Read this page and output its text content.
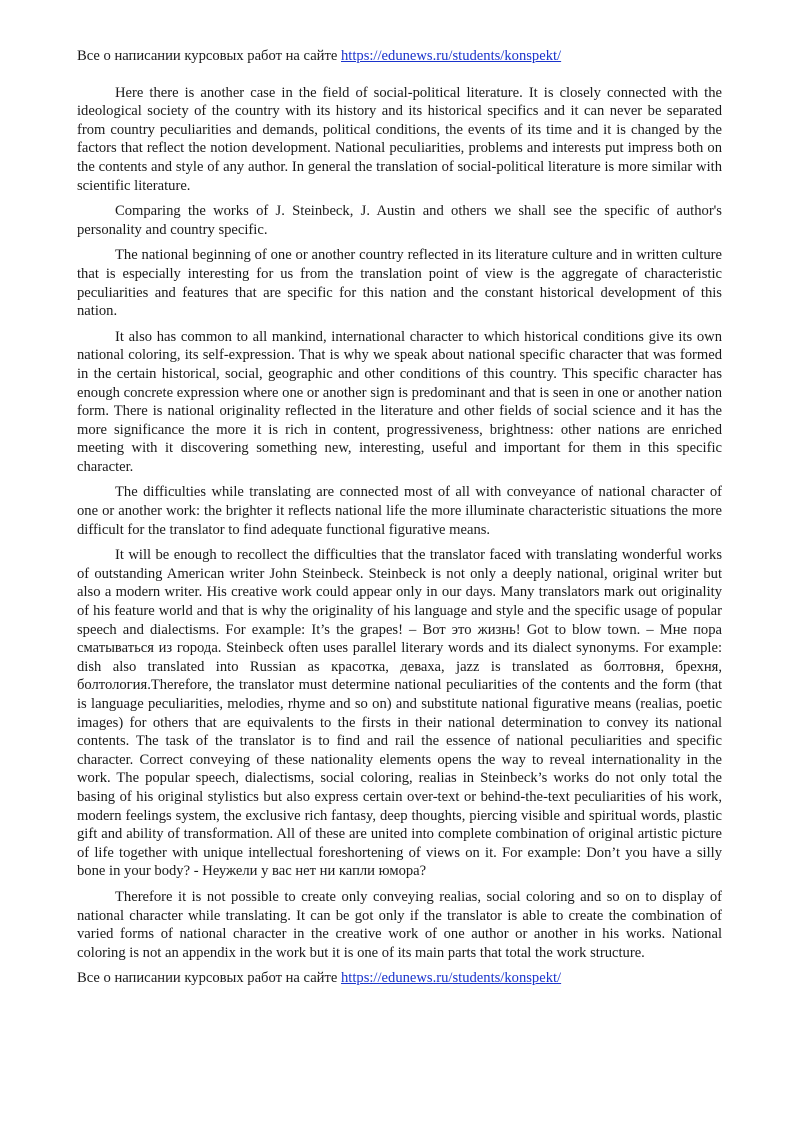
Все о написании курсовых работ на сайте https://edunews.ru/students/konspekt/

Here there is another case in the field of social-political literature. It is closely connected with the ideological society of the country with its history and its historical specifics and it can never be separated from country peculiarities and demands, political conditions, the events of its time and it is changed by the factors that reflect the notion development. National peculiarities, problems and interests put impress both on the contents and style of any author. In general the translation of social-political literature is more similar with scientific literature.

Comparing the works of J. Steinbeck, J. Austin and others we shall see the specific of author's personality and country specific.

The national beginning of one or another country reflected in its literature culture and in written culture that is especially interesting for us from the translation point of view is the aggregate of characteristic peculiarities and features that are specific for this nation and the constant historical development of this nation.

It also has common to all mankind, international character to which historical conditions give its own national coloring, its self-expression. That is why we speak about national specific character that was formed in the certain historical, social, geographic and other conditions of this country. This specific character has enough concrete expression where one or another sign is predominant and that is seen in one or another nation form. There is national originality reflected in the literature and other fields of social science and it has the more significance the more it is rich in content, progressiveness, brightness: other nations are enriched meeting with it discovering something new, interesting, useful and important for them in this specific character.

The difficulties while translating are connected most of all with conveyance of national character of one or another work: the brighter it reflects national life the more illuminate characteristic situations the more difficult for the translator to find adequate functional figurative means.

It will be enough to recollect the difficulties that the translator faced with translating wonderful works of outstanding American writer John Steinbeck. Steinbeck is not only a deeply national, original writer but also a modern writer. His creative work could appear only in our days. Many translators mark out originality of his feature world and that is why the originality of his language and style and the specific usage of popular speech and dialectisms. For example: It’s the grapes! – Вот это жизнь! Got to blow town. – Мне пора сматываться из города. Steinbeck often uses parallel literary words and its dialect synonyms. For example: dish also translated into Russian as красотка, деваха, jazz is translated as болтовня, брехня, болтология.Therefore, the translator must determine national peculiarities of the contents and the form (that is language peculiarities, melodies, rhyme and so on) and substitute national figurative means (realias, poetic images) for others that are equivalents to the firsts in their national determination to convey its national contents. The task of the translator is to find and rail the essence of national peculiarities and specific character. Correct conveying of these nationality elements opens the way to reveal internationality in the work. The popular speech, dialectisms, social coloring, realias in Steinbeck’s works do not only total the basing of his original stylistics but also express certain over-text or behind-the-text peculiarities of his work, modern feelings system, the exclusive rich fantasy, deep thoughts, piercing visible and spiritual words, plastic gift and ability of transformation. All of these are united into complete combination of original artistic picture of life together with unique intellectual foreshortening of views on it. For example: Don’t you have a silly bone in your body? - Неужели у вас нет ни капли юмора?

Therefore it is not possible to create only conveying realias, social coloring and so on to display of national character while translating. It can be got only if the translator is able to create the combination of varied forms of national character in the creative work of one author or another in his works. National coloring is not an appendix in the work but it is one of its main parts that total the work structure.

Все о написании курсовых работ на сайте https://edunews.ru/students/konspekt/
